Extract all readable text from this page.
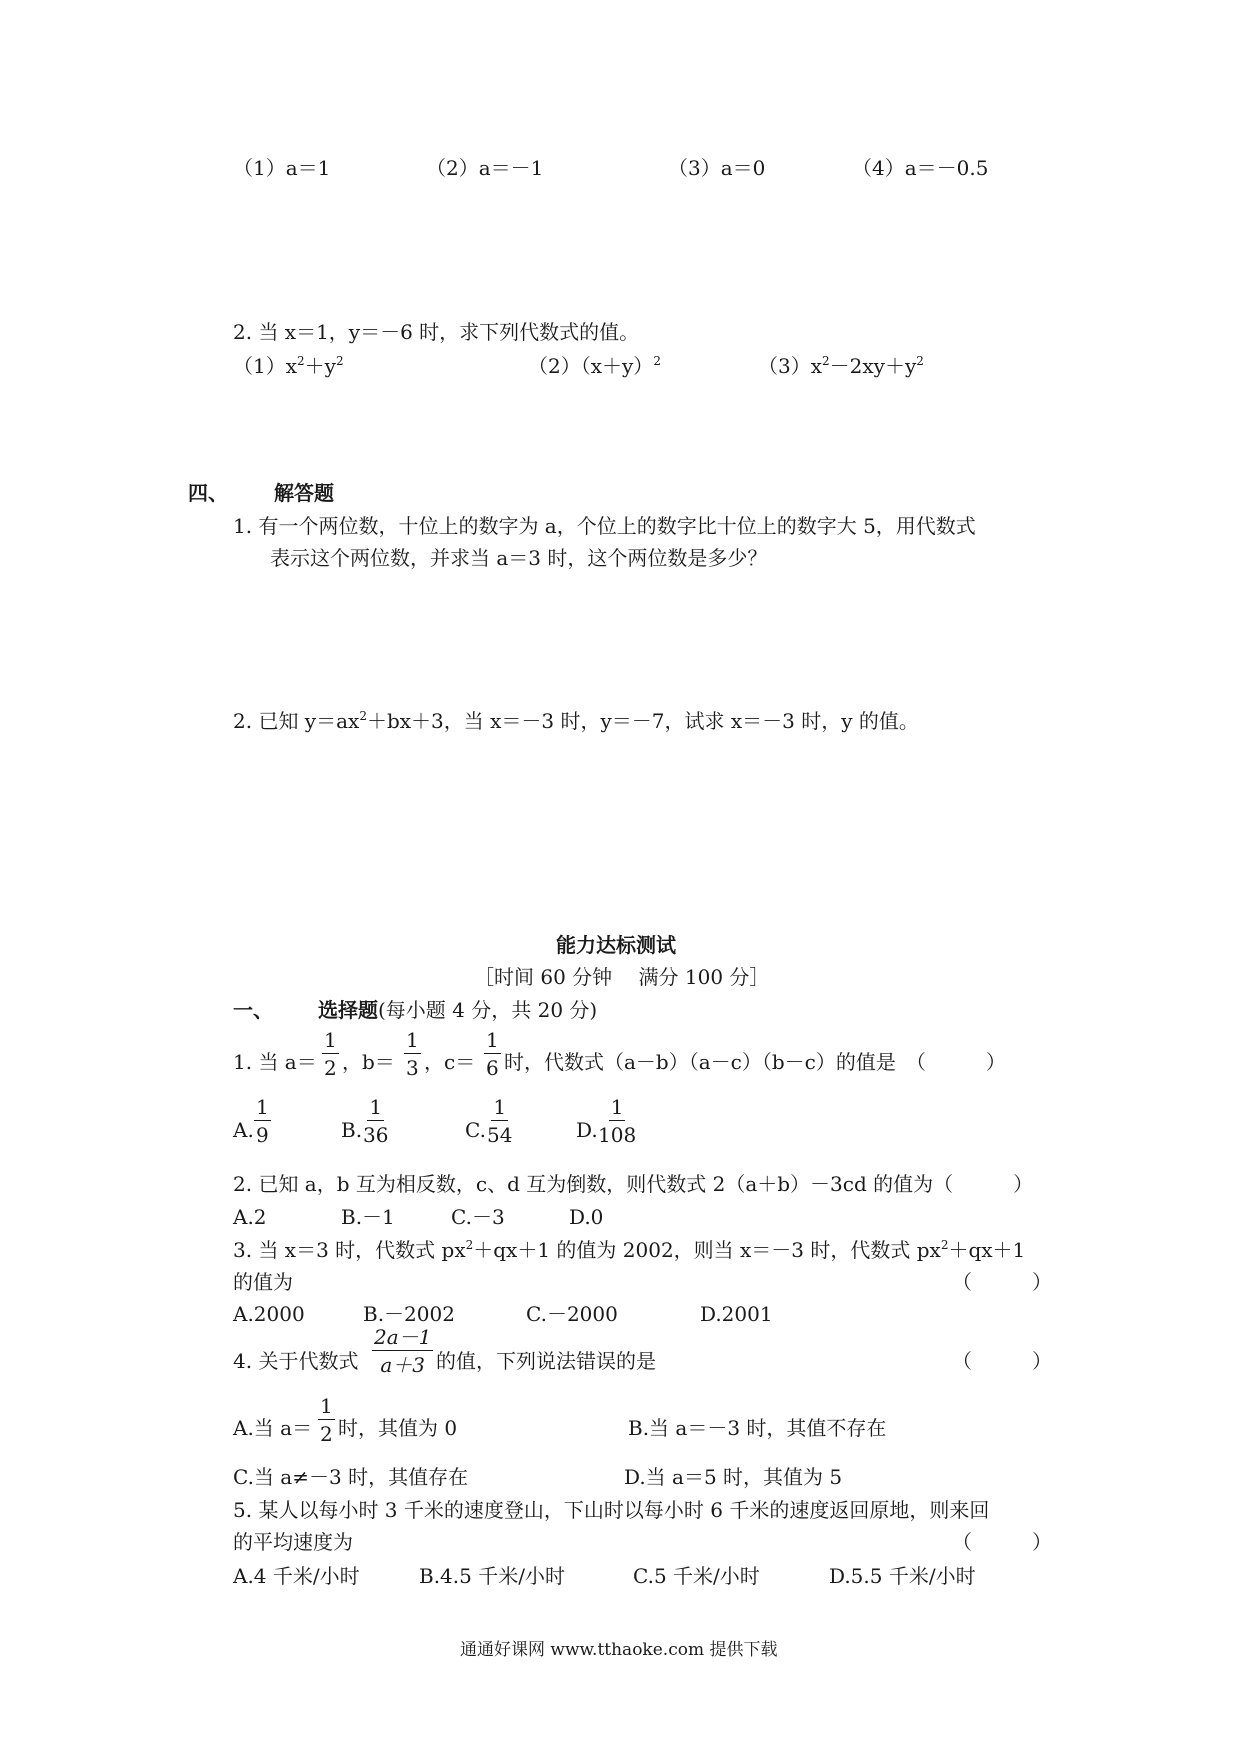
（1）a＝1	（2）a＝－1	（3）a＝0	（4）a＝－0.5
2. 当 x＝1，y＝－6 时，求下列代数式的值。
$(1)x^2+y^2$	$(2)(x+y)^2$	$(3)x^2-2xy+y^2$
四、 解答题
1. 有一个两位数，十位上的数字为 a，个位上的数字比十位上的数字大 5，用代数式
表示这个两位数，并求当 a＝3 时，这个两位数是多少？
2. 已知 $y=ax^2+bx+3$，当 x＝－3 时，y＝－7，试求 x＝－3 时，y 的值。
能力达标测试
［时间 60 分钟　 满分 100 分］
一、 选择题(每小题 4 分，共 20 分)
1. 当 $a= \frac{1}{2}$ ，$b= \frac{1}{3}$ ，$c= \frac{1}{6}$ 时，代数式（a－b）（a－c）（b－c）的值是　（　　　）
A. $\frac{1}{9}$	B. $\frac{1}{36}$	C. $\frac{1}{54}$	D. $\frac{1}{108}$
2. 已知 a，b 互为相反数，c、d 互为倒数，则代数式 2（a＋b）－3cd 的值为（　　　）
A.2	B.－1	C.－3	D.0
3. 当 x＝3 时，代数式 $px^2+qx+1$ 的值为 2002，则当 x＝－3 时，代数式 $px^2+qx+1$
的值为	（　　　）
A.2000	B.－2002	C.－2000	D.2001
4. 关于代数式 $\frac{2a-1}{a+3}$ 的值，下列说法错误的是	（　　　）
A.当 $a= \frac{1}{2}$ 时，其值为 0	B.当 a＝－3 时，其值不存在
C.当 a≠－3 时，其值存在	D.当 a＝5 时，其值为 5
5. 某人以每小时 3 千米的速度登山，下山时以每小时 6 千米的速度返回原地，则来回
的平均速度为	（　　　）
A.4 千米/小时	B.4.5 千米/小时	C.5 千米/小时	D.5.5 千米/小时
通通好课网 www.tthaoke.com 提供下载
